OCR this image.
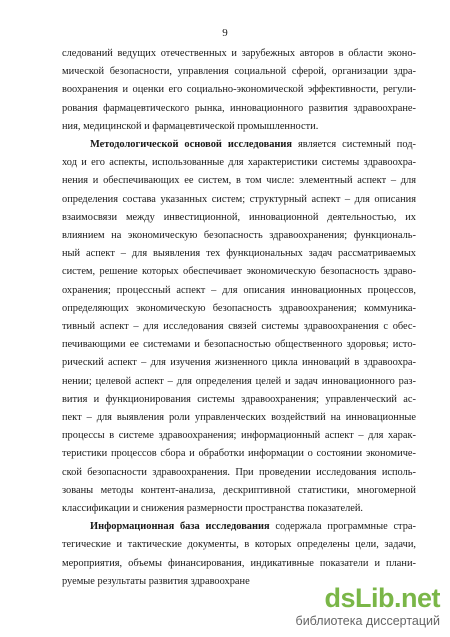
9
следований ведущих отечественных и зарубежных авторов в области эконо-
мической безопасности, управления социальной сферой, организации здра-
воохранения и оценки его социально-экономической эффективности, регули-
рования фармацевтического рынка, инновационного развития здравоохране-
ния, медицинской и фармацевтической промышленности.
Методологической основой исследования является системный под-
ход и его аспекты, использованные для характеристики системы здравоохра-
нения и обеспечивающих ее систем, в том числе: элементный аспект – для
определения состава указанных систем; структурный аспект – для описания
взаимосвязи между инвестиционной, инновационной деятельностью, их
влиянием на экономическую безопасность здравоохранения; функциональ-
ный аспект – для выявления тех функциональных задач рассматриваемых
систем, решение которых обеспечивает экономическую безопасность здраво-
охранения; процессный аспект – для описания инновационных процессов,
определяющих экономическую безопасность здравоохранения; коммуника-
тивный аспект – для исследования связей системы здравоохранения с обес-
печивающими ее системами и безопасностью общественного здоровья; исто-
рический аспект – для изучения жизненного цикла инноваций в здравоохра-
нении; целевой аспект – для определения целей и задач инновационного раз-
вития и функционирования системы здравоохранения; управленческий ас-
пект – для выявления роли управленческих воздействий на инновационные
процессы в системе здравоохранения; информационный аспект – для харак-
теристики процессов сбора и обработки информации о состоянии экономиче-
ской безопасности здравоохранения. При проведении исследования исполь-
зованы методы контент-анализа, дескриптивной статистики, многомерной
классификации и снижения размерности пространства показателей.
Информационная база исследования содержала программные стра-
тегические и тактические документы, в которых определены цели, задачи,
мероприятия, объемы финансирования, индикативные показатели и плани-
руемые результаты развития здравоохране
dsLib.net
библиотека диссертаций
